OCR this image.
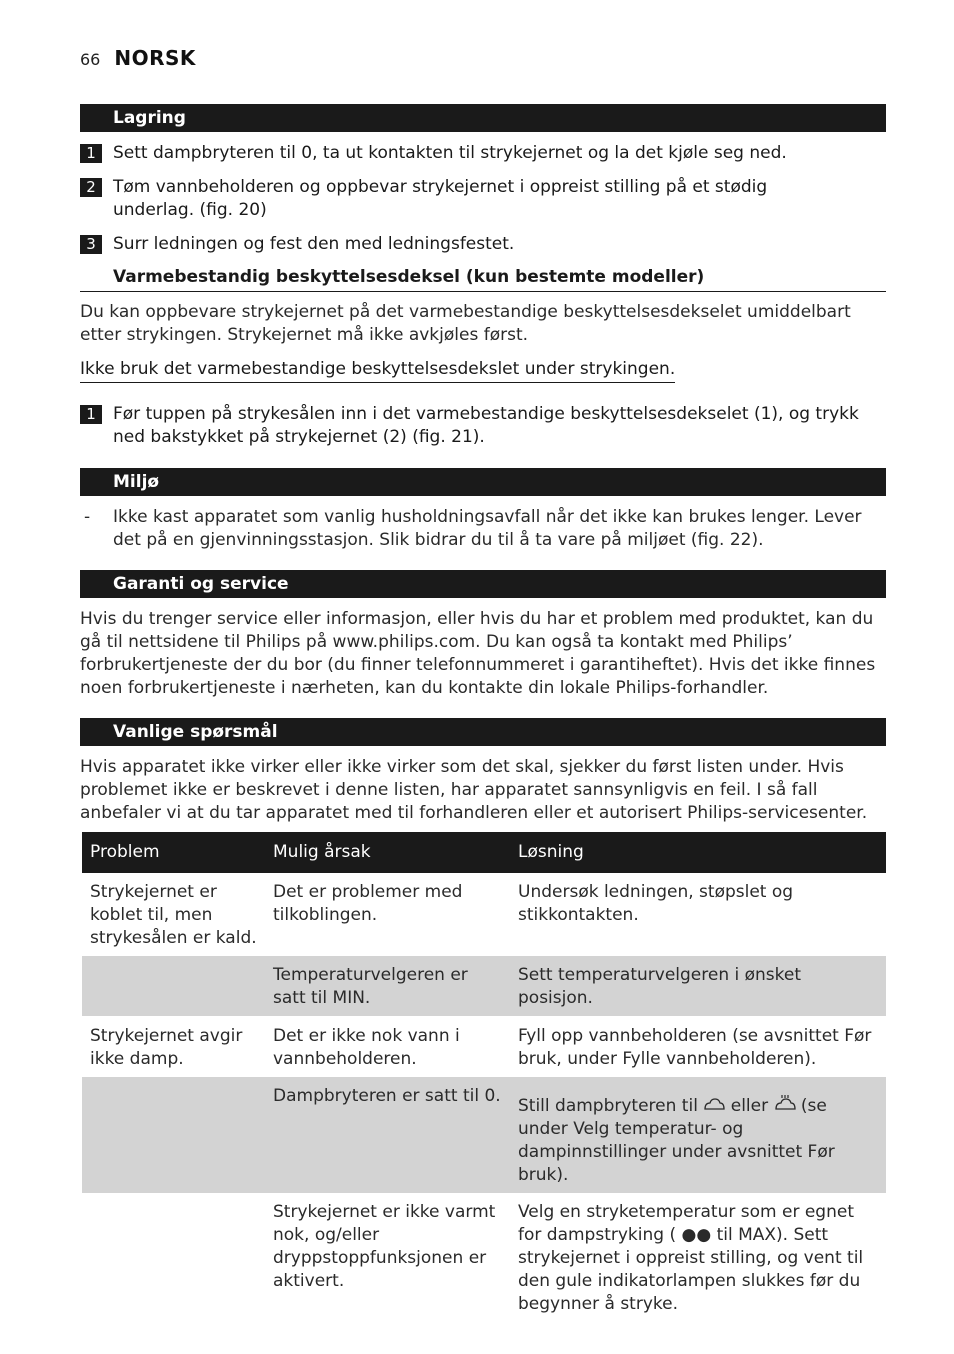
66 NORSK
Lagring
1	Sett dampbryteren til 0, ta ut kontakten til strykejernet og la det kjøle seg ned.
2	Tøm vannbeholderen og oppbevar strykejernet i oppreist stilling på et stødig underlag. (fig. 20)
3	Surr ledningen og fest den med ledningsfestet.
Varmebestandig beskyttelsesdeksel (kun bestemte modeller)
Du kan oppbevare strykejernet på det varmebestandige beskyttelsesdekselet umiddelbart etter strykingen. Strykejernet må ikke avkjøles først.
Ikke bruk det varmebestandige beskyttelsesdekslet under strykingen.
1	Før tuppen på strykesålen inn i det varmebestandige beskyttelsesdekselet (1), og trykk ned bakstykket på strykejernet (2) (fig. 21).
Miljø
- Ikke kast apparatet som vanlig husholdningsavfall når det ikke kan brukes lenger. Lever det på en gjenvinningsstasjon. Slik bidrar du til å ta vare på miljøet (fig. 22).
Garanti og service
Hvis du trenger service eller informasjon, eller hvis du har et problem med produktet, kan du gå til nettsidene til Philips på www.philips.com. Du kan også ta kontakt med Philips’ forbrukertjeneste der du bor (du finner telefonnummeret i garantiheftet). Hvis det ikke finnes noen forbrukertjeneste i nærheten, kan du kontakte din lokale Philips-forhandler.
Vanlige spørsmål
Hvis apparatet ikke virker eller ikke virker som det skal, sjekker du først listen under. Hvis problemet ikke er beskrevet i denne listen, har apparatet sannsynligvis en feil. I så fall anbefaler vi at du tar apparatet med til forhandleren eller et autorisert Philips-servicesenter.
Problem	Mulig årsak	Løsning
Strykejernet er koblet til, men strykesålen er kald.	Det er problemer med tilkoblingen.	Undersøk ledningen, støpslet og stikkontakten.
	Temperaturvelgeren er satt til MIN.	Sett temperaturvelgeren i ønsket posisjon.
Strykejernet avgir ikke damp.	Det er ikke nok vann i vannbeholderen.	Fyll opp vannbeholderen (se avsnittet Før bruk, under Fylle vannbeholderen).
	Dampbryteren er satt til 0.	Still dampbryteren til eller (se under Velg temperatur- og dampinnstillinger under avsnittet Før bruk).
	Strykejernet er ikke varmt nok, og/eller dryppstoppfunksjonen er aktivert.	Velg en stryketemperatur som er egnet for dampstryking ( ●● til MAX). Sett strykejernet i oppreist stilling, og vent til den gule indikatorlampen slukkes før du begynner å stryke.
